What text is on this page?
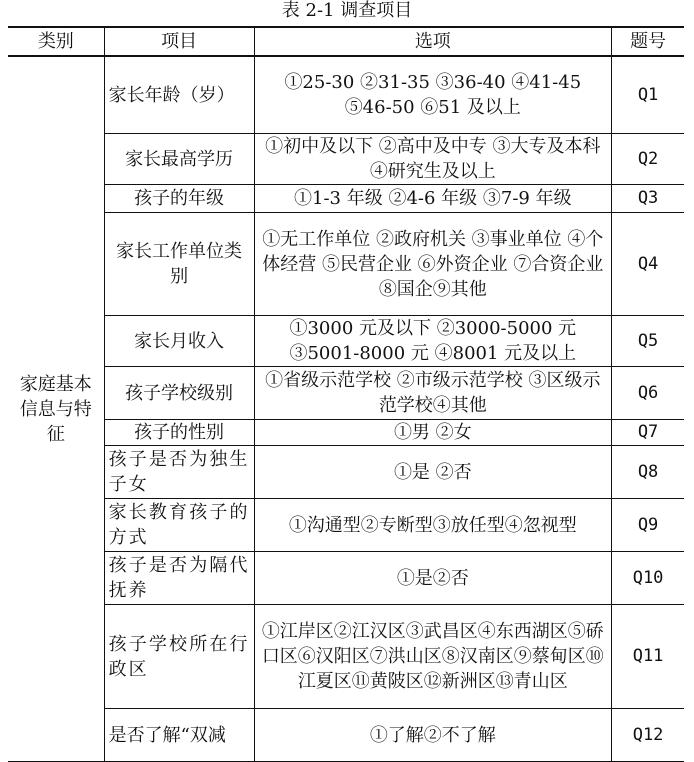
表 2-1 调查项目
类别	项目	选项	题号
家庭基本信息与特征	家长年龄（岁）	①25-30 ②31-35 ③36-40 ④41-45 ⑤46-50 ⑥51 及以上	Q1
	家长最高学历	①初中及以下 ②高中及中专 ③大专及本科 ④研究生及以上	Q2
	孩子的年级	①1-3 年级 ②4-6 年级 ③7-9 年级	Q3
	家长工作单位类别	①无工作单位 ②政府机关 ③事业单位 ④个体经营 ⑤民营企业 ⑥外资企业 ⑦合资企业 ⑧国企⑨其他	Q4
	家长月收入	①3000 元及以下 ②3000-5000 元 ③5001-8000 元 ④8001 元及以上	Q5
	孩子学校级别	①省级示范学校 ②市级示范学校 ③区级示范学校④其他	Q6
	孩子的性别	①男 ②女	Q7
	孩子是否为独生子女	①是 ②否	Q8
	家长教育孩子的方式	①沟通型②专断型③放任型④忽视型	Q9
	孩子是否为隔代抚养	①是②否	Q10
	孩子学校所在行政区	①江岸区②江汉区③武昌区④东西湖区⑤硚口区⑥汉阳区⑦洪山区⑧汉南区⑨蔡甸区⑩江夏区⑪黄陂区⑫新洲区⑬青山区	Q11
	是否了解“双减	①了解②不了解	Q12
